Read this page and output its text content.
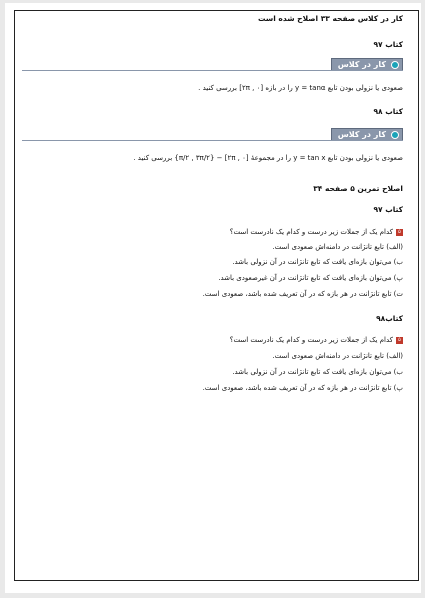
کار در کلاس صفحه ۳۳ اصلاح شده است
کتاب ۹۷
کار در کلاس
صعودی یا نزولی بودن تابع y = tanα را در بازه [۰ , ۲π] بررسی کنید .
کتاب ۹۸
کار در کلاس
صعودی یا نزولی بودن تابع y = tan x را در مجموعهٔ [۰ , ۲π] − {π/۲ , ۳π/۲} بررسی کنید .
اصلاح تمرین ۵ صفحه ۳۴
کتاب ۹۷
۵کدام یک از جملات زیر درست و کدام یک نادرست است؟
(الف) تابع تانژانت در دامنه‌اش صعودی است.
ب) می‌توان بازه‌ای یافت که تابع تانژانت در آن نزولی باشد.
پ) می‌توان بازه‌ای یافت که تابع تانژانت در آن غیرصعودی باشد.
ت) تابع تانژانت در هر بازه که در آن تعریف شده باشد، صعودی است.
کتاب۹۸
۵کدام یک از جملات زیر درست و کدام یک نادرست است؟
(الف) تابع تانژانت در دامنه‌اش صعودی است.
ب) می‌توان بازه‌ای یافت که تابع تانژانت در آن نزولی باشد.
پ) تابع تانژانت در هر بازه که در آن تعریف شده باشد، صعودی است.
